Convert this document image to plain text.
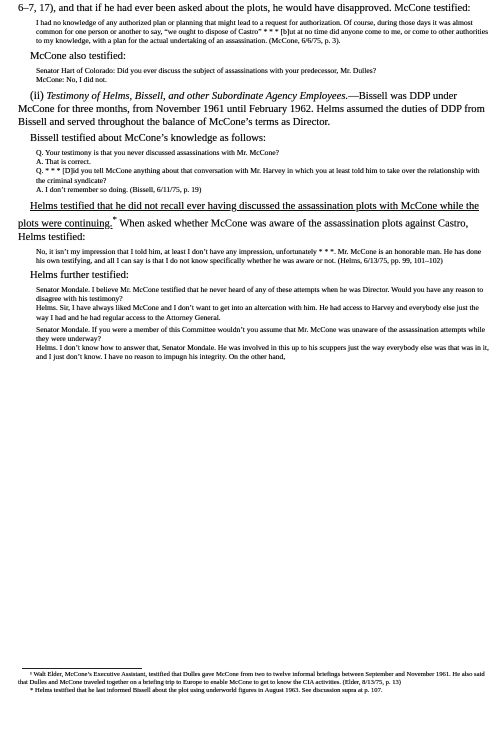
6–7, 17), and that if he had ever been asked about the plots, he would have disapproved. McCone testified:

I had no knowledge of any authorized plan or planning that might lead to a request for authorization. Of course, during those days it was almost common for one person or another to say, “we ought to dispose of Castro” * * * [b]ut at no time did anyone come to me, or come to other authorities to my knowledge, with a plan for the actual undertaking of an assassination. (McCone, 6/6/75, p. 3).

McCone also testified:

Senator Hart of Colorado: Did you ever discuss the subject of assassinations with your predecessor, Mr. Dulles?

McCone: No, I did not.

(ii) Testimony of Helms, Bissell, and other Subordinate Agency Employees.—Bissell was DDP under McCone for three months, from November 1961 until February 1962. Helms assumed the duties of DDP from Bissell and served throughout the balance of McCone’s terms as Director.

Bissell testified about McCone’s knowledge as follows:

Q. Your testimony is that you never discussed assassinations with Mr. McCone?

A. That is correct.

Q. * * * [D]id you tell McCone anything about that conversation with Mr. Harvey in which you at least told him to take over the relationship with the criminal syndicate?

A. I don’t remember so doing. (Bissell, 6/11/75, p. 19)

Helms testified that he did not recall ever having discussed the assassination plots with McCone while the plots were continuing.* When asked whether McCone was aware of the assassination plots against Castro, Helms testified:

No, it isn’t my impression that I told him, at least I don’t have any impression, unfortunately * * *. Mr. McCone is an honorable man. He has done his own testifying, and all I can say is that I do not know specifically whether he was aware or not. (Helms, 6/13/75, pp. 99, 101–102)

Helms further testified:

Senator Mondale. I believe Mr. McCone testified that he never heard of any of these attempts when he was Director. Would you have any reason to disagree with his testimony?

Helms. Sir, I have always liked McCone and I don’t want to get into an altercation with him. He had access to Harvey and everybody else just the way I had and he had regular access to the Attorney General.

Senator Mondale. If you were a member of this Committee wouldn’t you assume that Mr. McCone was unaware of the assassination attempts while they were underway?

Helms. I don’t know how to answer that, Senator Mondale. He was involved in this up to his scuppers just the way everybody else was that was in it, and I just don’t know. I have no reason to impugn his integrity. On the other hand,

¹ Walt Elder, McCone’s Executive Assistant, testified that Dulles gave McCone from two to twelve informal briefings between September and November 1961. He also said that Dulles and McCone traveled together on a briefing trip to Europe to enable McCone to get to know the CIA activities. (Elder, 8/13/75, p. 13)

* Helms testified that he last informed Bissell about the plot using underworld figures in August 1963. See discussion supra at p. 107.
